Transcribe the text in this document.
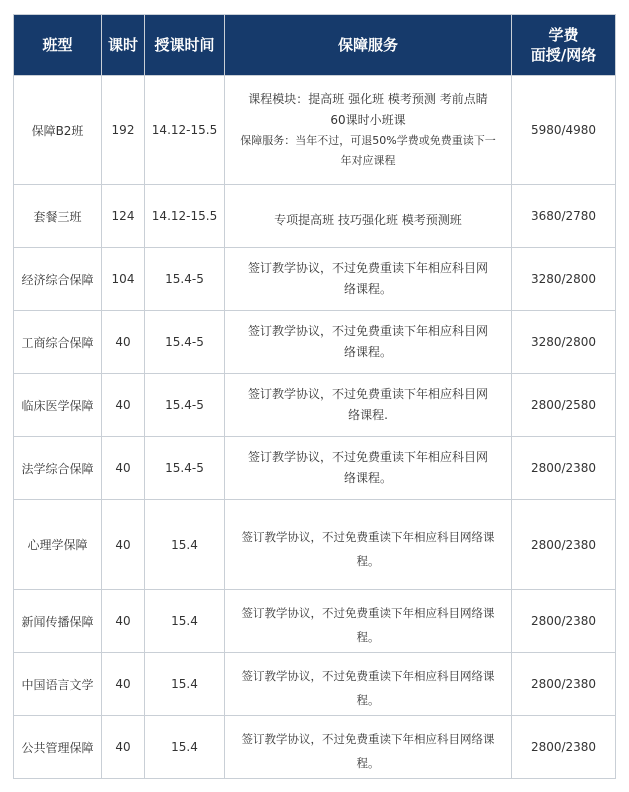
班型	课时	授课时间	保障服务	学费
面授/网络

保障B2班	192	14.12-15.5	课程模块：提高班 强化班 模考预测 考前点睛
60课时小班课
保障服务：当年不过，可退50%学费或免费重读下一
年对应课程	5980/4980
套餐三班	124	14.12-15.5	专项提高班 技巧强化班 模考预测班	3680/2780
经济综合保障	104	15.4-5	签订教学协议，不过免费重读下年相应科目网
络课程。	3280/2800
工商综合保障	40	15.4-5	签订教学协议，不过免费重读下年相应科目网
络课程。	3280/2800
临床医学保障	40	15.4-5	签订教学协议，不过免费重读下年相应科目网
络课程.	2800/2580
法学综合保障	40	15.4-5	签订教学协议，不过免费重读下年相应科目网
络课程。	2800/2380
心理学保障	40	15.4	签订教学协议，不过免费重读下年相应科目网络课
程。	2800/2380
新闻传播保障	40	15.4	签订教学协议，不过免费重读下年相应科目网络课
程。	2800/2380
中国语言文学	40	15.4	签订教学协议，不过免费重读下年相应科目网络课
程。	2800/2380
公共管理保障	40	15.4	签订教学协议，不过免费重读下年相应科目网络课
程。	2800/2380
